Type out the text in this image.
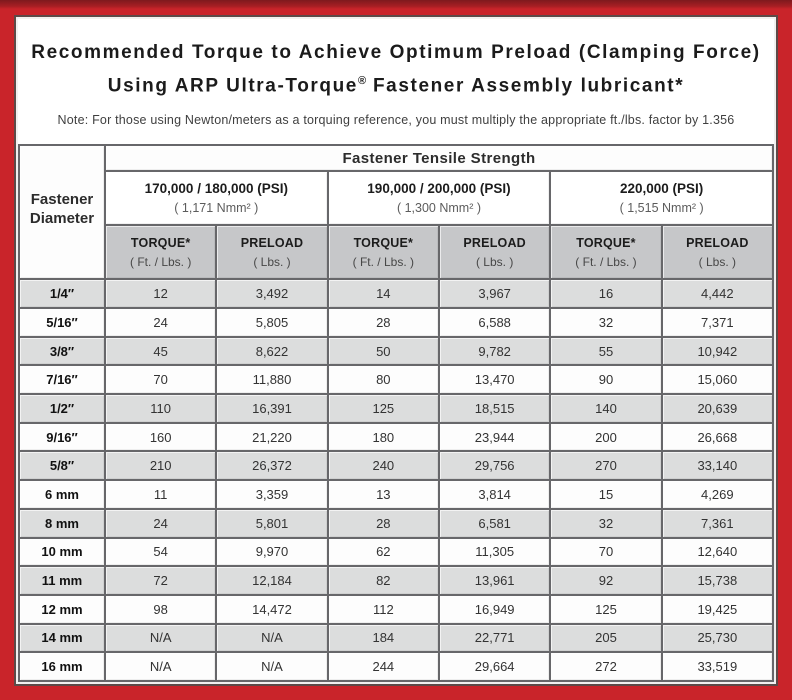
Recommended Torque to Achieve Optimum Preload (Clamping Force)
Using ARP Ultra-Torque® Fastener Assembly lubricant*
Note: For those using Newton/meters as a torquing reference, you must multiply the appropriate ft./lbs. factor by 1.356
Fastener
Diameter	Fastener Tensile Strength					

170,000 / 180,000 (PSI)
( 1,171 Nmm² )

190,000 / 200,000 (PSI)
( 1,300 Nmm² )

220,000 (PSI)
( 1,515 Nmm² )

TORQUE*
( Ft. / Lbs. )

PRELOAD
( Lbs. )

TORQUE*
( Ft. / Lbs. )

PRELOAD
( Lbs. )

TORQUE*
( Ft. / Lbs. )

PRELOAD
( Lbs. )

1/4″	12	3,492	14	3,967	16	4,442
5/16″	24	5,805	28	6,588	32	7,371
3/8″	45	8,622	50	9,782	55	10,942
7/16″	70	11,880	80	13,470	90	15,060
1/2″	110	16,391	125	18,515	140	20,639
9/16″	160	21,220	180	23,944	200	26,668
5/8″	210	26,372	240	29,756	270	33,140
6 mm	11	3,359	13	3,814	15	4,269
8 mm	24	5,801	28	6,581	32	7,361
10 mm	54	9,970	62	11,305	70	12,640
11 mm	72	12,184	82	13,961	92	15,738
12 mm	98	14,472	112	16,949	125	19,425
14 mm	N/A	N/A	184	22,771	205	25,730
16 mm	N/A	N/A	244	29,664	272	33,519
